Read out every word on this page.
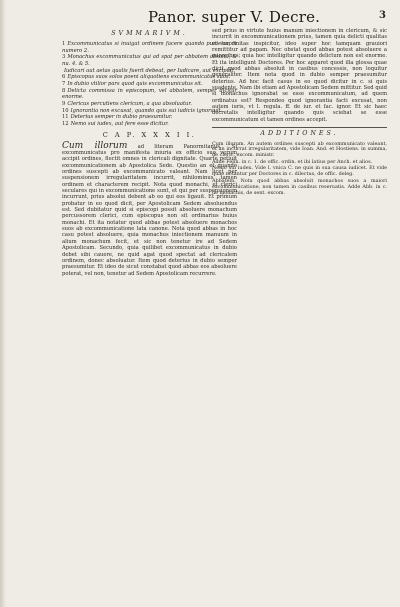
Panor. super V. Decre.	3
SVMMARIVM.
1 Excommunicatus si inuigat ordinem facere quando punietur, & numero 2.
3 Monachus excommunicatus qui ad spat per abbatem absolui, & nu. 4. & 5.
Iudicari aut aetas qualis fuerit debeat, per Iudicare, aut excipiat.
6 Episcopus suos solos poeni aliquotiens excommunicatus suos.
7 In dubio vtilior pars quod quis excommunicatus sit.
8 Delicta commissa in episcopum, vel abbatem, semper dicitur enorme.
9 Clericus percutiens clericum, a qua absoluatur.
10 Ignorantia non excusat, quando quis sui iudicis ignorauit.
11 Deterius semper in dubio praesumitur.
12 Nemo sui iudex, aut fere esse dicitur.
C A P. X X X I I.
Cum illorum ad literam Panormitanus. Si excommunicatus pro manifesta iniuria ex officio suo verum accipit ordines, flectit omnes in clericali dignitate. Quarte petiuit excommunicationem ab Apostolica Sede. Questio an et quando ordines suscepti ab excommunicato valeant. Nam licet per suspensionem irregularitatem incurrit, nihilominus tamen ordinem et characterem recipit. Nota quod monachi, et clerici seculares qui in excommunicatione sunt, et qui per suspensionem incurrunt, prius absolui debent ab eo qui eos ligauit. Et primum probatur in eo quod dicit, per Apostolicam Sedem absoluendus est. Sed dubitatur quid si episcopi possit absoluere monachum percussorem clerici, cum episcopus non sit ordinarius huius monachi. Et ita notatur quod abbas potest absoluere monachos suos ab excommunicatione lata canone. Nota quod abbas in hoc casu potest absoluere, quia monachus iniectionem manuum in alium monachum fecit, et sic non tenetur ire ad Sedem Apostolicam. Secundo, quia quilibet excommunicatus in dubio debet sibi cauere, ne quid agat quod spectat ad clericalem ordinem, donec absoluatur. Item quod deterius in dubio semper praesumitur. Et ideo de sicut constabat quod abbas eos absoluere poterat, vel non, tenetur ad Sedem Apostolicam recurrere.
sed prius in virtute huius manum iniectionem in clericum, & sic incurrit in excommunicationem prius, tamen quia delicti qualitas et enormitas inspicitur, ideo super hoc tamquam grauiori remittitur ad papam. Nec obstat quod abbas potest absoluere a minoribus; quia hoc intelligitur quando delictum non est enorme. Et ita intelligunt Doctores. Per hoc apparet quod illa glossa quae dicit quod abbas absoluit in casibus concessis, non loquitur generaliter. Item nota quod in dubio semper praesumitur deterius. Ad hoc facit casus in eo quod dicitur in c. si quis suadente. Nam ibi etiam ad Apostolicam Sedem mittitur. Sed quid si monachus ignorabat se esse excommunicatum, ad quem ordinatus est? Respondeo quod ignorantia facti excusat, non autem iuris, vt l. regula. ff. de iur. et fac. ignor. Et sic haec decretalis intelligitur quando quis sciebat se esse excommunicatum et tamen ordines accepit.
ADDITIONES.
Cum illorum. An autem ordines suscepti ab excommunicato valeant, et an incurrat irregularitatem, vide Ioan. And. et Hostiens. in summa, de cleric. excom. ministr.
Adde Felin. in c. 1. de offic. ordin. et ibi latius per Anch. et alios.
Nemo sui iudex. Vide l. vnica C. ne quis in sua causa iudicet. Et vide quae notantur per Doctores in c. dilectus, de offic. deleg.
Abbatem. Nota quod abbas absoluit monachos suos a maiori excommunicatione, non tamen in casibus reseruatis. Adde Abb. in c. de monachis, de sent. excom.
